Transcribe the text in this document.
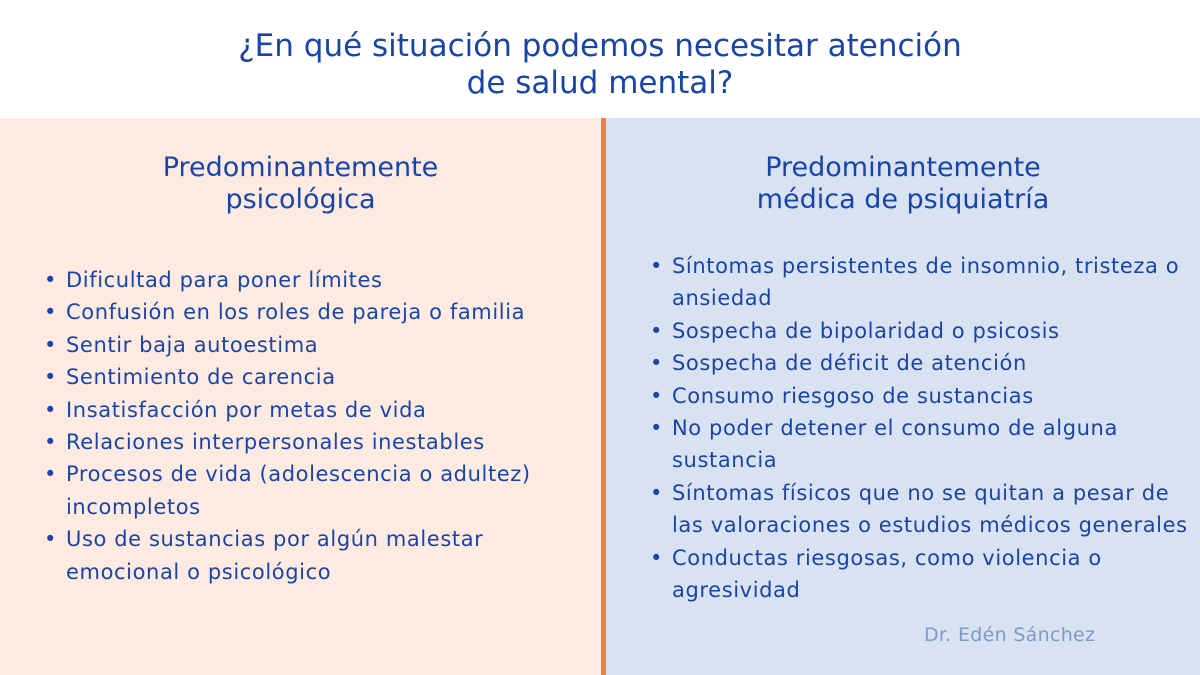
¿En qué situación podemos necesitar atención
de salud mental?
Predominantemente
psicológica
• Dificultad para poner límites
• Confusión en los roles de pareja o familia
• Sentir baja autoestima
• Sentimiento de carencia
• Insatisfacción por metas de vida
• Relaciones interpersonales inestables
• Procesos de vida (adolescencia o adultez) incompletos
• Uso de sustancias por algún malestar emocional o psicológico
Predominantemente
médica de psiquiatría
• Síntomas persistentes de insomnio, tristeza o ansiedad
• Sospecha de bipolaridad o psicosis
• Sospecha de déficit de atención
• Consumo riesgoso de sustancias
• No poder detener el consumo de alguna sustancia
• Síntomas físicos que no se quitan a pesar de las valoraciones o estudios médicos generales
• Conductas riesgosas, como violencia o agresividad
Dr. Edén Sánchez
